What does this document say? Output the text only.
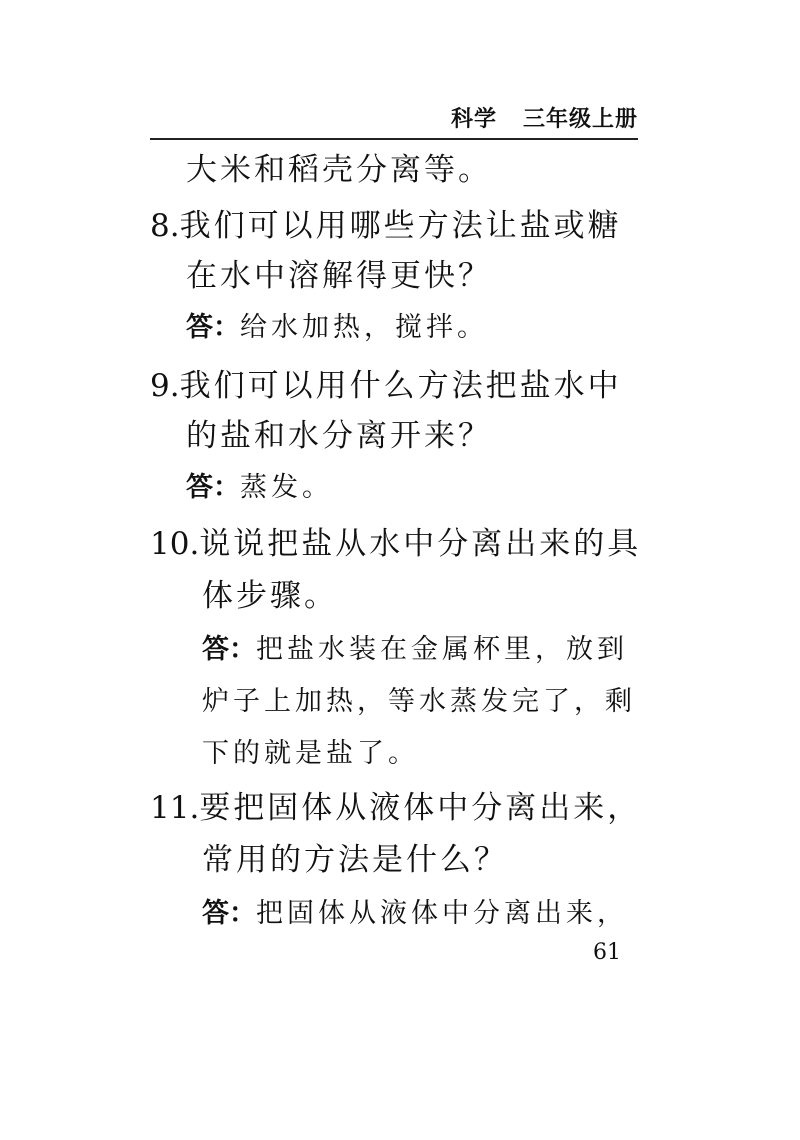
科学 三年级上册
大米和稻壳分离等。
8.我们可以用哪些方法让盐或糖
在水中溶解得更快？
答：给水加热，搅拌。
9.我们可以用什么方法把盐水中
的盐和水分离开来？
答：蒸发。
10.说说把盐从水中分离出来的具
体步骤。
答：把盐水装在金属杯里，放到
炉子上加热，等水蒸发完了，剩
下的就是盐了。
11.要把固体从液体中分离出来，
常用的方法是什么？
答：把固体从液体中分离出来，
61
